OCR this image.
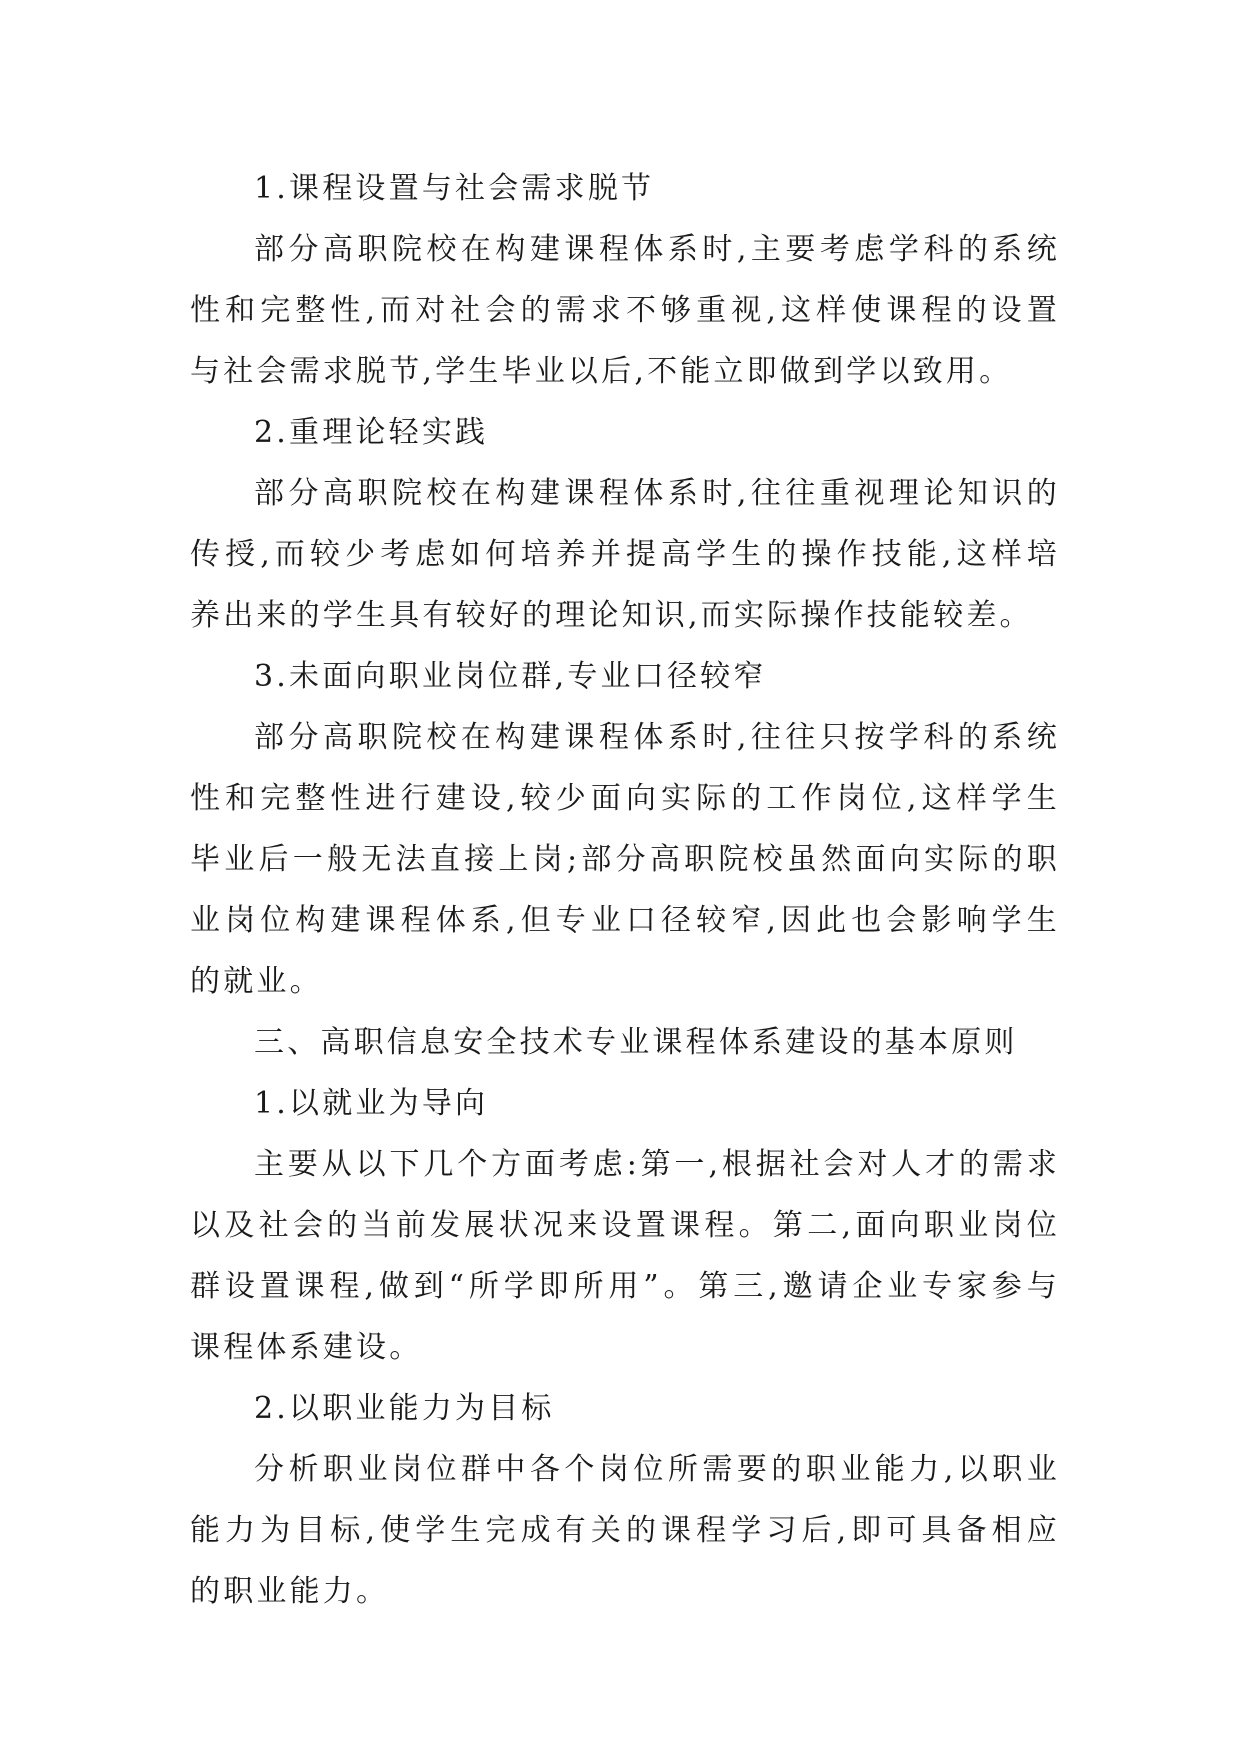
1.课程设置与社会需求脱节

部分高职院校在构建课程体系时,主要考虑学科的系统
性和完整性,而对社会的需求不够重视,这样使课程的设置
与社会需求脱节,学生毕业以后,不能立即做到学以致用。

2.重理论轻实践

部分高职院校在构建课程体系时,往往重视理论知识的
传授,而较少考虑如何培养并提高学生的操作技能,这样培
养出来的学生具有较好的理论知识,而实际操作技能较差。

3.未面向职业岗位群,专业口径较窄

部分高职院校在构建课程体系时,往往只按学科的系统
性和完整性进行建设,较少面向实际的工作岗位,这样学生
毕业后一般无法直接上岗;部分高职院校虽然面向实际的职
业岗位构建课程体系,但专业口径较窄,因此也会影响学生
的就业。

三、高职信息安全技术专业课程体系建设的基本原则
1.以就业为导向

主要从以下几个方面考虑:第一,根据社会对人才的需求
以及社会的当前发展状况来设置课程。第二,面向职业岗位
群设置课程,做到“所学即所用”。第三,邀请企业专家参与
课程体系建设。

2.以职业能力为目标

分析职业岗位群中各个岗位所需要的职业能力,以职业
能力为目标,使学生完成有关的课程学习后,即可具备相应
的职业能力。
